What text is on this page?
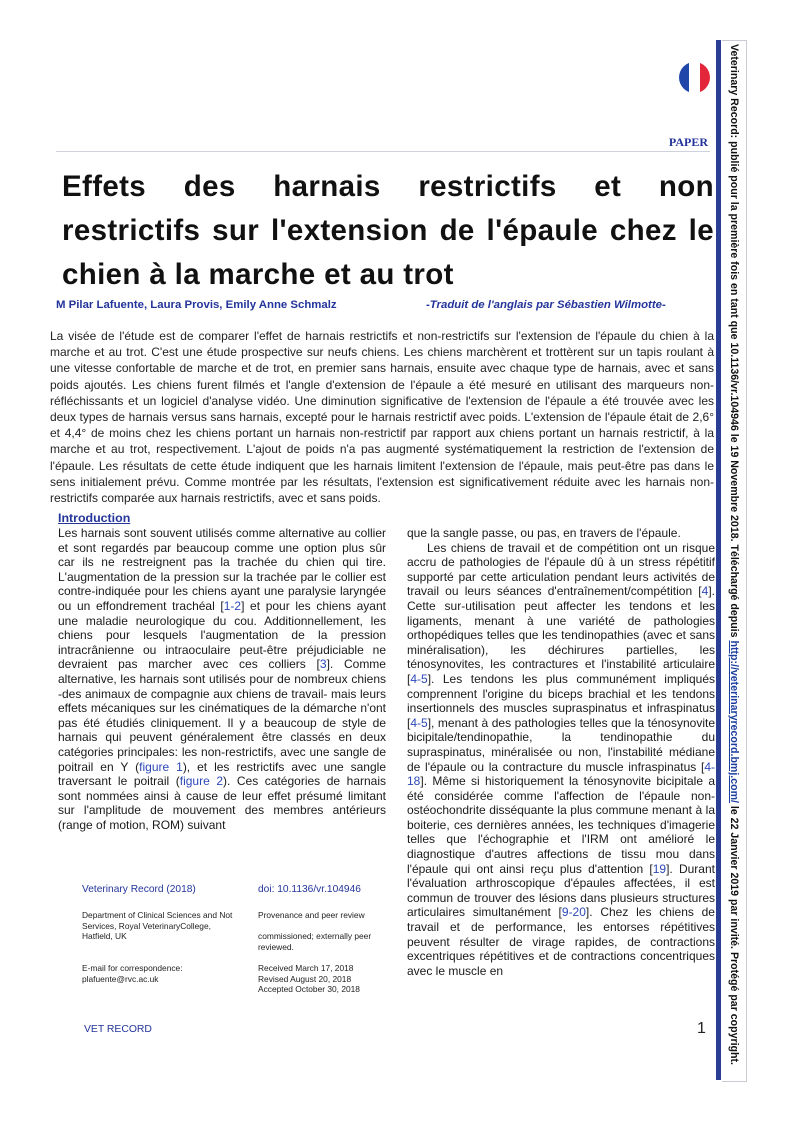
Veterinary Record: publié pour la première fois en tant que 10.1136/vr.104946 le 19 Novembre 2018. Téléchargé depuis http://veterinaryrecord.bmj.com/ le 22 Janvier 2019 par invité. Protégé par copyright.
PAPER
Effets des harnais restrictifs et non restrictifs sur l'extension de l'épaule chez le chien à la marche et au trot
M Pilar Lafuente, Laura Provis, Emily Anne Schmalz	-Traduit de l'anglais par Sébastien Wilmotte-

La visée de l'étude est de comparer l'effet de harnais restrictifs et non-restrictifs sur l'extension de l'épaule du chien à la marche et au trot. C'est une étude prospective sur neufs chiens. Les chiens marchèrent et trottèrent sur un tapis roulant à une vitesse confortable de marche et de trot, en premier sans harnais, ensuite avec chaque type de harnais, avec et sans poids ajoutés. Les chiens furent filmés et l'angle d'extension de l'épaule a été mesuré en utilisant des marqueurs non-réfléchissants et un logiciel d'analyse vidéo. Une diminution significative de l'extension de l'épaule a été trouvée avec les deux types de harnais versus sans harnais, excepté pour le harnais restrictif avec poids. L'extension de l'épaule était de 2,6° et 4,4° de moins chez les chiens portant un harnais non-restrictif par rapport aux chiens portant un harnais restrictif, à la marche et au trot, respectivement. L'ajout de poids n'a pas augmenté systématiquement la restriction de l'extension de l'épaule. Les résultats de cette étude indiquent que les harnais limitent l'extension de l'épaule, mais peut-être pas dans le sens initialement prévu. Comme montrée par les résultats, l'extension est significativement réduite avec les harnais non-restrictifs comparée aux harnais restrictifs, avec et sans poids.

Introduction

Les harnais sont souvent utilisés comme alternative au collier et sont regardés par beaucoup comme une option plus sûr car ils ne restreignent pas la trachée du chien qui tire. L'augmentation de la pression sur la trachée par le collier est contre-indiquée pour les chiens ayant une paralysie laryngée ou un effondrement trachéal [1-2] et pour les chiens ayant une maladie neurologique du cou. Additionnellement, les chiens pour lesquels l'augmentation de la pression intracrânienne ou intraoculaire peut-être préjudiciable ne devraient pas marcher avec ces colliers [3]. Comme alternative, les harnais sont utilisés pour de nombreux chiens -des animaux de compagnie aux chiens de travail- mais leurs effets mécaniques sur les cinématiques de la démarche n'ont pas été étudiés cliniquement. Il y a beaucoup de style de harnais qui peuvent généralement être classés en deux catégories principales: les non-restrictifs, avec une sangle de poitrail en Y (figure 1), et les restrictifs avec une sangle traversant le poitrail (figure 2). Ces catégories de harnais sont nommées ainsi à cause de leur effet présumé limitant sur l'amplitude de mouvement des membres antérieurs (range of motion, ROM) suivant

que la sangle passe, ou pas, en travers de l'épaule.

Les chiens de travail et de compétition ont un risque accru de pathologies de l'épaule dû à un stress répétitif supporté par cette articulation pendant leurs activités de travail ou leurs séances d'entraînement/compétition [4]. Cette sur-utilisation peut affecter les tendons et les ligaments, menant à une variété de pathologies orthopédiques telles que les tendinopathies (avec et sans minéralisation), les déchirures partielles, les ténosynovites, les contractures et l'instabilité articulaire [4-5]. Les tendons les plus communément impliqués comprennent l'origine du biceps brachial et les tendons insertionnels des muscles supraspinatus et infraspinatus [4-5], menant à des pathologies telles que la ténosynovite bicipitale/tendinopathie, la tendinopathie du supraspinatus, minéralisée ou non, l'instabilité médiane de l'épaule ou la contracture du muscle infraspinatus [4-18]. Même si historiquement la ténosynovite bicipitale a été considérée comme l'affection de l'épaule non-ostéochondrite disséquante la plus commune menant à la boiterie, ces dernières années, les techniques d'imagerie telles que l'échographie et l'IRM ont amélioré le diagnostique d'autres affections de tissu mou dans l'épaule qui ont ainsi reçu plus d'attention [19]. Durant l'évaluation arthroscopique d'épaules affectées, il est commun de trouver des lésions dans plusieurs structures articulaires simultanément [9-20]. Chez les chiens de travail et de performance, les entorses répétitives peuvent résulter de virage rapides, de contractions excentriques répétitives et de contractions concentriques avec le muscle en

Veterinary Record (2018)	doi: 10.1136/vr.104946
Department of Clinical Sciences and Not
Services, Royal VeterinaryCollege,
Hatfield, UK
Provenance and peer review
commissioned; externally peer
reviewed.
E-mail for correspondence:
plafuente@rvc.ac.uk
Received March 17, 2018
Revised August 20, 2018
Accepted October 30, 2018
VET RECORD	1
